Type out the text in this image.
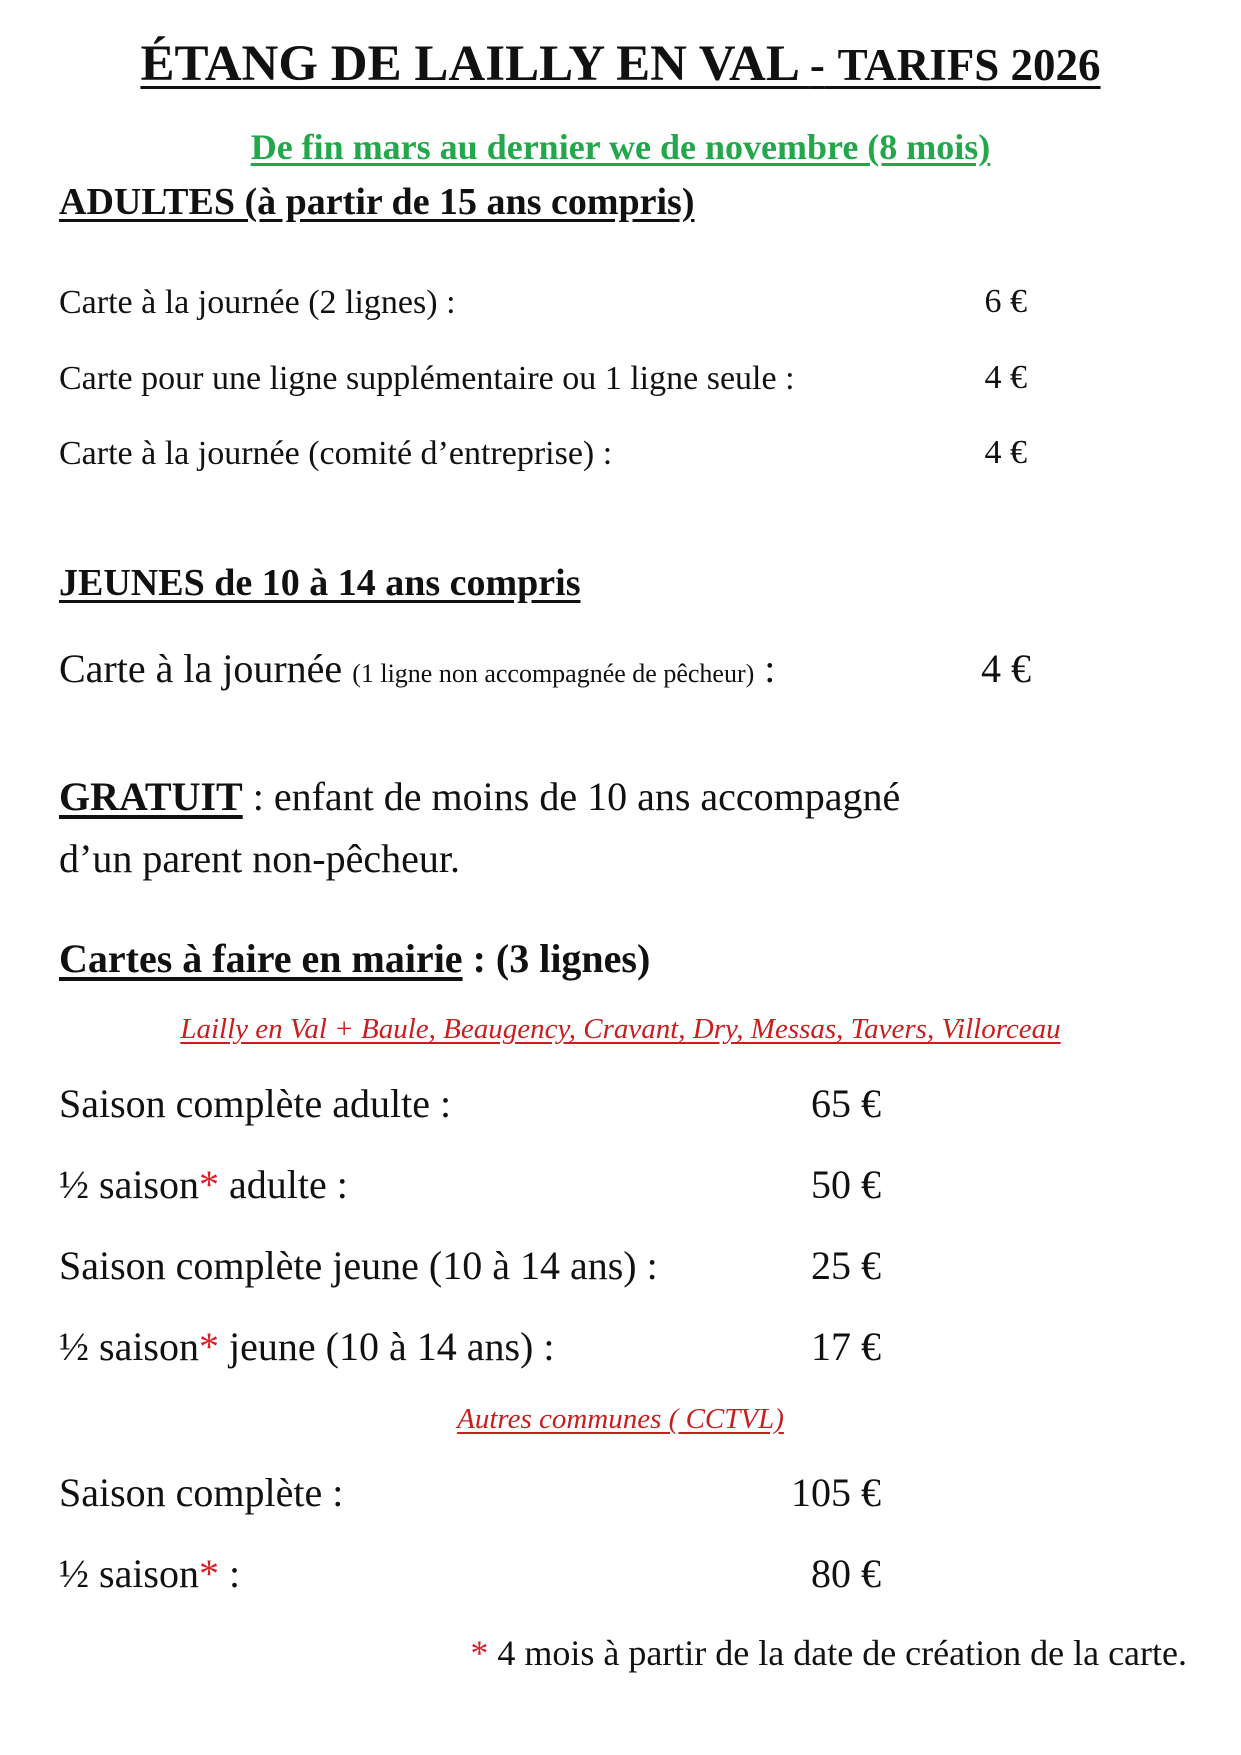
ÉTANG DE LAILLY EN VAL - TARIFS 2026
De fin mars au dernier we de novembre (8 mois)
ADULTES (à partir de 15 ans compris)
Carte à la journée (2 lignes) :	6 €
Carte pour une ligne supplémentaire ou 1 ligne seule :	4 €
Carte à la journée (comité d’entreprise) :	4 €
JEUNES de 10 à 14 ans compris
Carte à la journée (1 ligne non accompagnée de pêcheur) :	4 €
GRATUIT : enfant de moins de 10 ans accompagné
d’un parent non-pêcheur.
Cartes à faire en mairie : (3 lignes)
Lailly en Val + Baule, Beaugency, Cravant, Dry, Messas, Tavers, Villorceau
Saison complète adulte :	65 €
½ saison* adulte :	50 €
Saison complète jeune (10 à 14 ans) :	25 €
½ saison* jeune (10 à 14 ans) :	17 €
Autres communes ( CCTVL)
Saison complète :	105 €
½ saison* :	80 €
* 4 mois à partir de la date de création de la carte.
